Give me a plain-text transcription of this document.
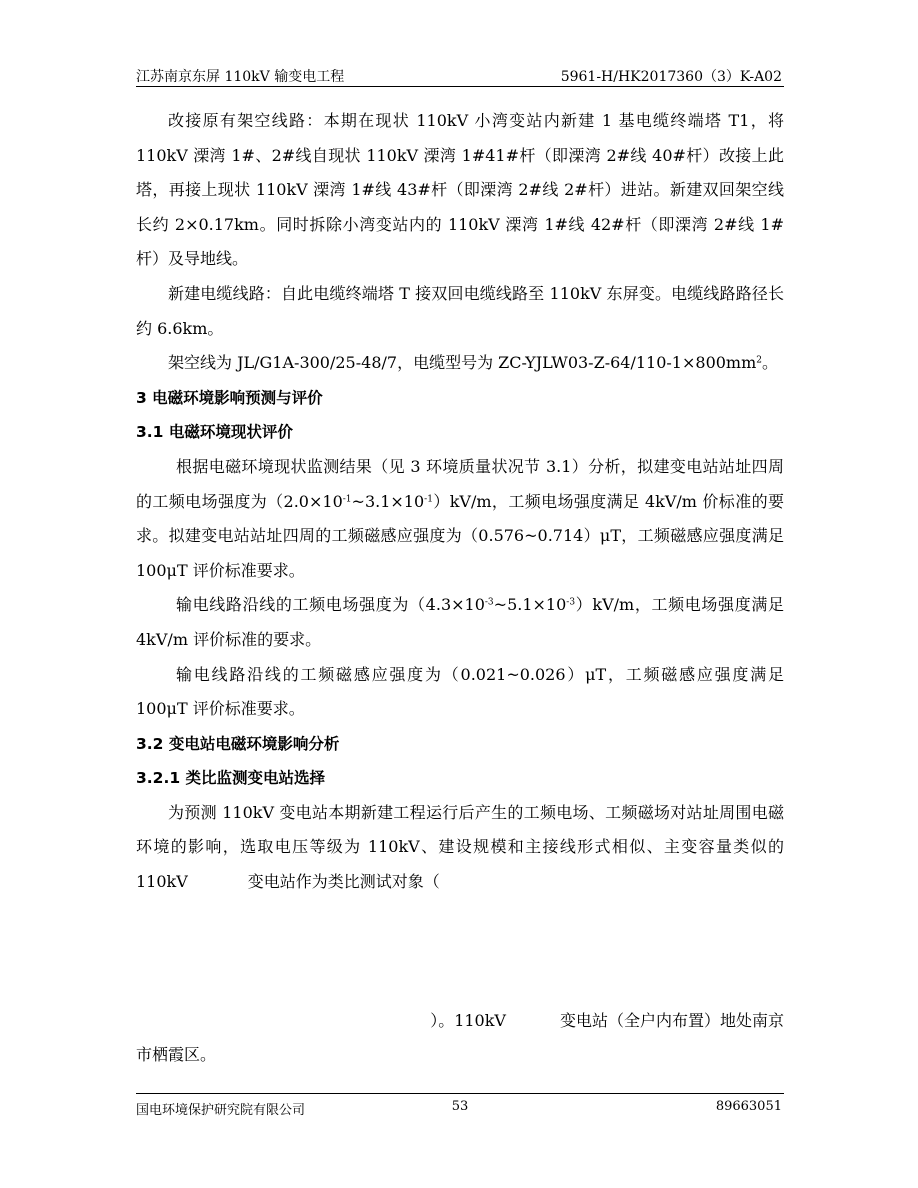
江苏南京东屏 110kV 输变电工程	5961-H/HK2017360（3）K-A02

改接原有架空线路：本期在现状 110kV 小湾变站内新建 1 基电缆终端塔 T1，将 110kV 溧湾 1#、2#线自现状 110kV 溧湾 1#41#杆（即溧湾 2#线 40#杆）改接上此塔，再接上现状 110kV 溧湾 1#线 43#杆（即溧湾 2#线 2#杆）进站。新建双回架空线长约 2×0.17km。同时拆除小湾变站内的 110kV 溧湾 1#线 42#杆（即溧湾 2#线 1#杆）及导地线。

新建电缆线路：自此电缆终端塔 T 接双回电缆线路至 110kV 东屏变。电缆线路路径长约 6.6km。

架空线为 JL/G1A-300/25-48/7，电缆型号为 $ZC-YJLW03-Z-64/110-1\times 800mm^2$。

3 电磁环境影响预测与评价

3.1 电磁环境现状评价

根据电磁环境现状监测结果（见 3 环境质量状况节 3.1）分析，拟建变电站站址四周的工频电场强度为$(2.0\times 10^{-1}\sim 3.1\times 10^{-1})kV/m$，工频电场强度满足 4kV/m 价标准的要求。拟建变电站站址四周的工频磁感应强度为（0.576~0.714）μT，工频磁感应强度满足 100μT 评价标准要求。

输电线路沿线的工频电场强度为$(4.3\times 10^{-3}\sim 5.1\times 10^{-3})kV/m$，工频电场强度满足 4kV/m 评价标准的要求。

输电线路沿线的工频磁感应强度为（0.021~0.026）μT，工频磁感应强度满足 100μT 评价标准要求。

3.2 变电站电磁环境影响分析

3.2.1 类比监测变电站选择

为预测 110kV 变电站本期新建工程运行后产生的工频电场、工频磁场对站址周围电磁环境的影响，选取电压等级为 110kV、建设规模和主接线形式相似、主变容量类似的 110kV	变电站作为类比测试对象（

）。110kV	变电站（全户内布置）地处南京

市栖霞区。

国电环境保护研究院有限公司	53	89663051
